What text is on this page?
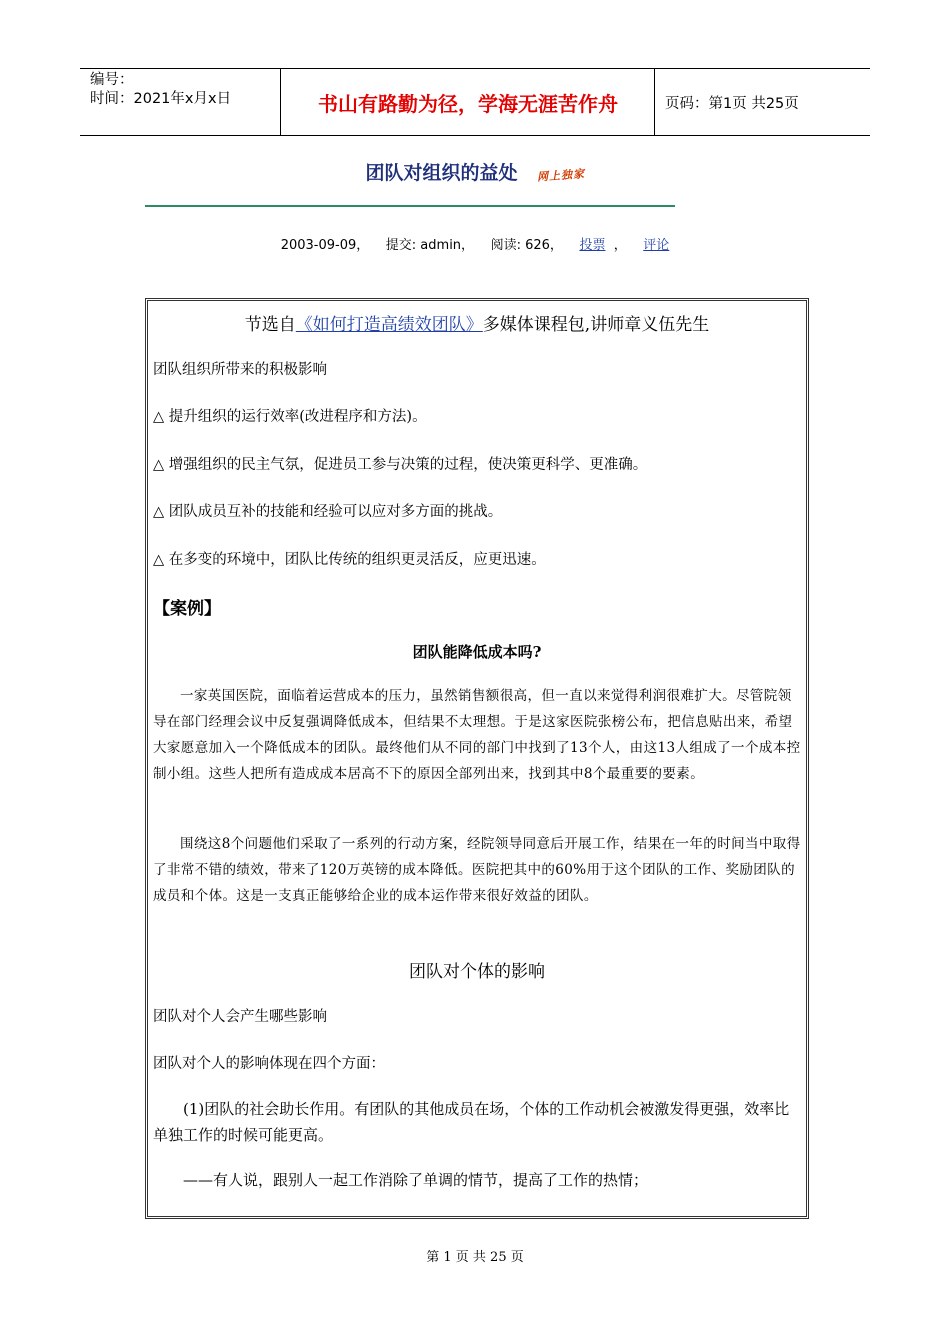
编号：
时间：2021年x月x日	书山有路勤为径，学海无涯苦作舟	页码：第1页 共25页
团队对组织的益处 网上独家
2003-09-09， 提交: admin， 阅读: 626， 投票 ， 评论

节选自《如何打造高绩效团队》多媒体课程包,讲师章义伍先生

团队组织所带来的积极影响

△ 提升组织的运行效率(改进程序和方法)。

△ 增强组织的民主气氛，促进员工参与决策的过程，使决策更科学、更准确。

△ 团队成员互补的技能和经验可以应对多方面的挑战。

△ 在多变的环境中，团队比传统的组织更灵活反，应更迅速。

【案例】

团队能降低成本吗?

一家英国医院，面临着运营成本的压力，虽然销售额很高，但一直以来觉得利润很难扩大。尽管院领导在部门经理会议中反复强调降低成本，但结果不太理想。于是这家医院张榜公布，把信息贴出来，希望大家愿意加入一个降低成本的团队。最终他们从不同的部门中找到了13个人，由这13人组成了一个成本控制小组。这些人把所有造成成本居高不下的原因全部列出来，找到其中8个最重要的要素。

围绕这8个问题他们采取了一系列的行动方案，经院领导同意后开展工作，结果在一年的时间当中取得了非常不错的绩效，带来了120万英镑的成本降低。医院把其中的60%用于这个团队的工作、奖励团队的成员和个体。这是一支真正能够给企业的成本运作带来很好效益的团队。

团队对个体的影响

团队对个人会产生哪些影响

团队对个人的影响体现在四个方面：

(1)团队的社会助长作用。有团队的其他成员在场，个体的工作动机会被激发得更强，效率比单独工作的时候可能更高。

——有人说，跟别人一起工作消除了单调的情节，提高了工作的热情；

第 1 页 共 25 页
